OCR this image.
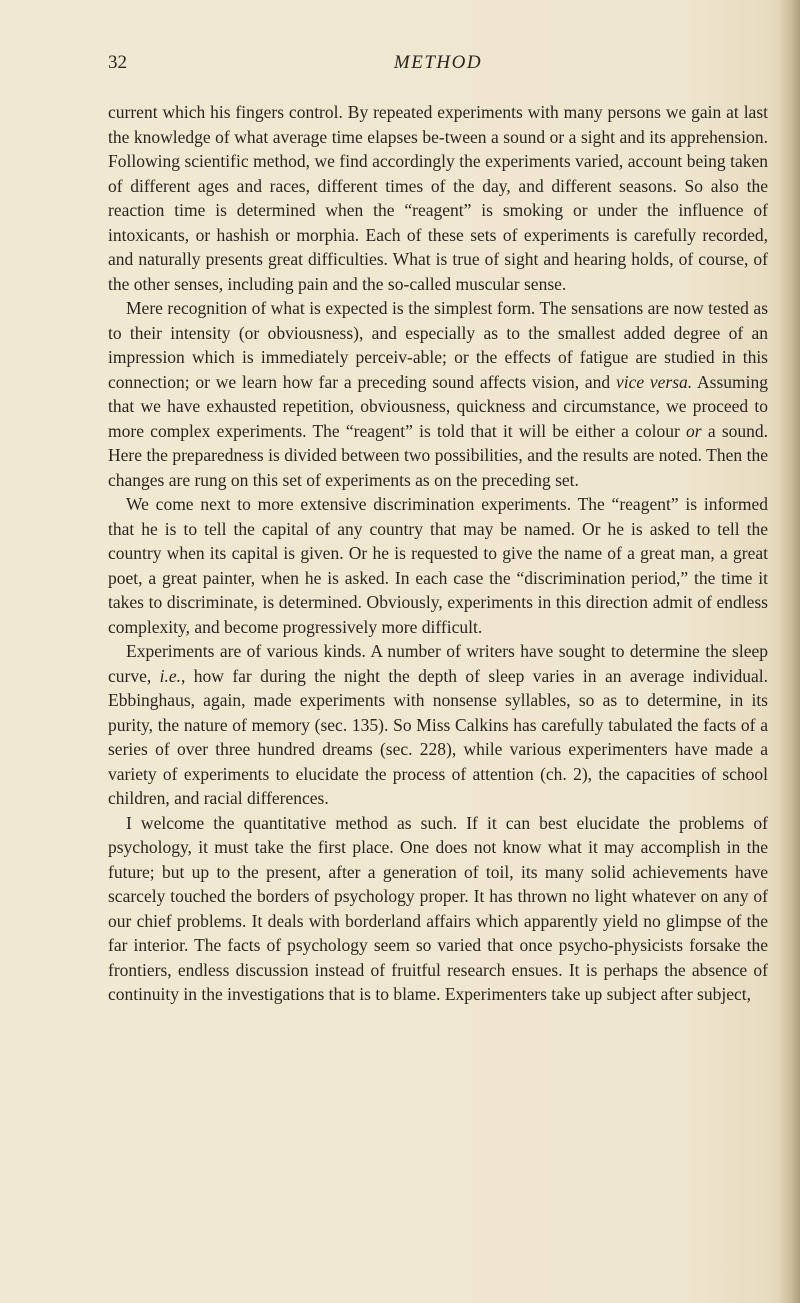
32	METHOD

current which his fingers control. By repeated experiments with many persons we gain at last the knowledge of what average time elapses be-tween a sound or a sight and its apprehension. Following scientific method, we find accordingly the experiments varied, account being taken of different ages and races, different times of the day, and different seasons. So also the reaction time is determined when the “reagent” is smoking or under the influence of intoxicants, or hashish or morphia. Each of these sets of experiments is carefully recorded, and naturally presents great difficulties. What is true of sight and hearing holds, of course, of the other senses, including pain and the so-called muscular sense.

Mere recognition of what is expected is the simplest form. The sensations are now tested as to their intensity (or obviousness), and especially as to the smallest added degree of an impression which is immediately perceiv-able; or the effects of fatigue are studied in this connection; or we learn how far a preceding sound affects vision, and vice versa. Assuming that we have exhausted repetition, obviousness, quickness and circumstance, we proceed to more complex experiments. The “reagent” is told that it will be either a colour or a sound. Here the preparedness is divided between two possibilities, and the results are noted. Then the changes are rung on this set of experiments as on the preceding set.

We come next to more extensive discrimination experiments. The “reagent” is informed that he is to tell the capital of any country that may be named. Or he is asked to tell the country when its capital is given. Or he is requested to give the name of a great man, a great poet, a great painter, when he is asked. In each case the “discrimination period,” the time it takes to discriminate, is determined. Obviously, experiments in this direction admit of endless complexity, and become progressively more difficult.

Experiments are of various kinds. A number of writers have sought to determine the sleep curve, i.e., how far during the night the depth of sleep varies in an average individual. Ebbinghaus, again, made experiments with nonsense syllables, so as to determine, in its purity, the nature of memory (sec. 135). So Miss Calkins has carefully tabulated the facts of a series of over three hundred dreams (sec. 228), while various experimenters have made a variety of experiments to elucidate the process of attention (ch. 2), the capacities of school children, and racial differences.

I welcome the quantitative method as such. If it can best elucidate the problems of psychology, it must take the first place. One does not know what it may accomplish in the future; but up to the present, after a generation of toil, its many solid achievements have scarcely touched the borders of psychology proper. It has thrown no light whatever on any of our chief problems. It deals with borderland affairs which apparently yield no glimpse of the far interior. The facts of psychology seem so varied that once psycho-physicists forsake the frontiers, endless discussion instead of fruitful research ensues. It is perhaps the absence of continuity in the investigations that is to blame. Experimenters take up subject after subject,
